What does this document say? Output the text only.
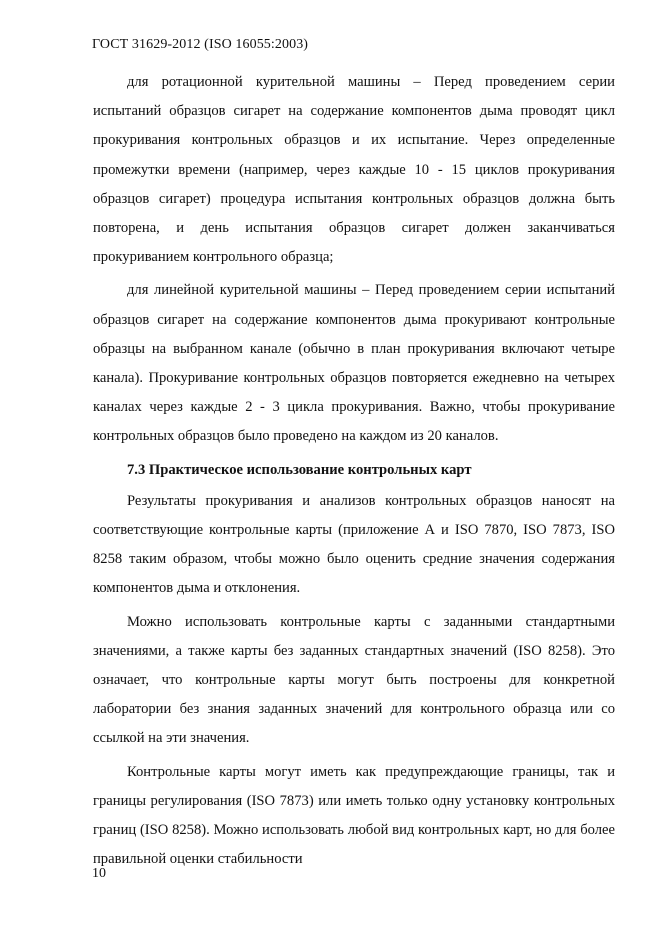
ГОСТ 31629-2012 (ISO 16055:2003)

для ротационной курительной машины – Перед проведением серии испытаний образцов сигарет на содержание компонентов дыма проводят цикл прокуривания контрольных образцов и их испытание. Через определенные промежутки времени (например, через каждые 10 - 15 циклов прокуривания образцов сигарет) процедура испытания контрольных образцов должна быть повторена, и день испытания образцов сигарет должен заканчиваться прокуриванием контрольного образца;

для линейной курительной машины – Перед проведением серии испытаний образцов сигарет на содержание компонентов дыма прокуривают контрольные образцы на выбранном канале (обычно в план прокуривания включают четыре канала). Прокуривание контрольных образцов повторяется ежедневно на четырех каналах через каждые 2 - 3 цикла прокуривания. Важно, чтобы прокуривание контрольных образцов было проведено на каждом из 20 каналов.

7.3 Практическое использование контрольных карт

Результаты прокуривания и анализов контрольных образцов наносят на соответствующие контрольные карты (приложение А и ISO 7870, ISO 7873, ISO 8258 таким образом, чтобы можно было оценить средние значения содержания компонентов дыма и отклонения.

Можно использовать контрольные карты с заданными стандартными значениями, а также карты без заданных стандартных значений (ISO 8258). Это означает, что контрольные карты могут быть построены для конкретной лаборатории без знания заданных значений для контрольного образца или со ссылкой на эти значения.

Контрольные карты могут иметь как предупреждающие границы, так и границы регулирования (ISO 7873) или иметь только одну установку контрольных границ (ISO 8258). Можно использовать любой вид контрольных карт, но для более правильной оценки стабильности

10
